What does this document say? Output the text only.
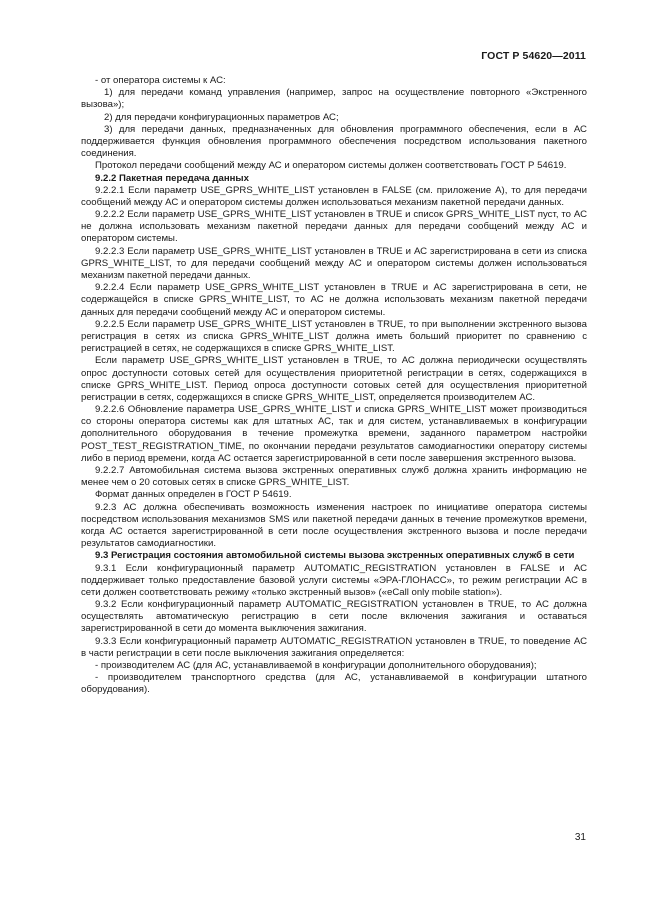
ГОСТ Р 54620—2011

- от оператора системы к АС:

1) для передачи команд управления (например, запрос на осуществление повторного «Экстренного вызова»);

2) для передачи конфигурационных параметров АС;

3) для передачи данных, предназначенных для обновления программного обеспечения, если в АС поддерживается функция обновления программного обеспечения посредством использования пакетного соединения.

Протокол передачи сообщений между АС и оператором системы должен соответствовать ГОСТ Р 54619.

9.2.2 Пакетная передача данных

9.2.2.1 Если параметр USE_GPRS_WHITE_LIST установлен в FALSE (см. приложение А), то для передачи сообщений между АС и оператором системы должен использоваться механизм пакетной передачи данных.

9.2.2.2 Если параметр USE_GPRS_WHITE_LIST установлен в TRUE и список GPRS_WHITE_LIST пуст, то АС не должна использовать механизм пакетной передачи данных для передачи сообщений между АС и оператором системы.

9.2.2.3 Если параметр USE_GPRS_WHITE_LIST установлен в TRUE и АС зарегистрирована в сети из списка GPRS_WHITE_LIST, то для передачи сообщений между АС и оператором системы должен использоваться механизм пакетной передачи данных.

9.2.2.4 Если параметр USE_GPRS_WHITE_LIST установлен в TRUE и АС зарегистрирована в сети, не содержащейся в списке GPRS_WHITE_LIST, то АС не должна использовать механизм пакетной передачи данных для передачи сообщений между АС и оператором системы.

9.2.2.5 Если параметр USE_GPRS_WHITE_LIST установлен в TRUE, то при выполнении экстренного вызова регистрация в сетях из списка GPRS_WHITE_LIST должна иметь больший приоритет по сравнению с регистрацией в сетях, не содержащихся в списке GPRS_WHITE_LIST.

Если параметр USE_GPRS_WHITE_LIST установлен в TRUE, то АС должна периодически осуществлять опрос доступности сотовых сетей для осуществления приоритетной регистрации в сетях, содержащихся в списке GPRS_WHITE_LIST. Период опроса доступности сотовых сетей для осуществления приоритетной регистрации в сетях, содержащихся в списке GPRS_WHITE_LIST, определяется производителем АС.

9.2.2.6 Обновление параметра USE_GPRS_WHITE_LIST и списка GPRS_WHITE_LIST может производиться со стороны оператора системы как для штатных АС, так и для систем, устанавливаемых в конфигурации дополнительного оборудования в течение промежутка времени, заданного параметром настройки POST_TEST_REGISTRATION_TIME, по окончании передачи результатов самодиагностики оператору системы либо в период времени, когда АС остается зарегистрированной в сети после завершения экстренного вызова.

9.2.2.7 Автомобильная система вызова экстренных оперативных служб должна хранить информацию не менее чем о 20 сотовых сетях в списке GPRS_WHITE_LIST.

Формат данных определен в ГОСТ Р 54619.

9.2.3 АС должна обеспечивать возможность изменения настроек по инициативе оператора системы посредством использования механизмов SMS или пакетной передачи данных в течение промежутков времени, когда АС остается зарегистрированной в сети после осуществления экстренного вызова и после передачи результатов самодиагностики.

9.3 Регистрация состояния автомобильной системы вызова экстренных оперативных служб в сети

9.3.1 Если конфигурационный параметр AUTOMATIC_REGISTRATION установлен в FALSE и АС поддерживает только предоставление базовой услуги системы «ЭРА-ГЛОНАСС», то режим регистрации АС в сети должен соответствовать режиму «только экстренный вызов» («eCall only mobile station»).

9.3.2 Если конфигурационный параметр AUTOMATIC_REGISTRATION установлен в TRUE, то АС должна осуществлять автоматическую регистрацию в сети после включения зажигания и оставаться зарегистрированной в сети до момента выключения зажигания.

9.3.3 Если конфигурационный параметр AUTOMATIC_REGISTRATION установлен в TRUE, то поведение АС в части регистрации в сети после выключения зажигания определяется:

- производителем АС (для АС, устанавливаемой в конфигурации дополнительного оборудования);

- производителем транспортного средства (для АС, устанавливаемой в конфигурации штатного оборудования).

31
